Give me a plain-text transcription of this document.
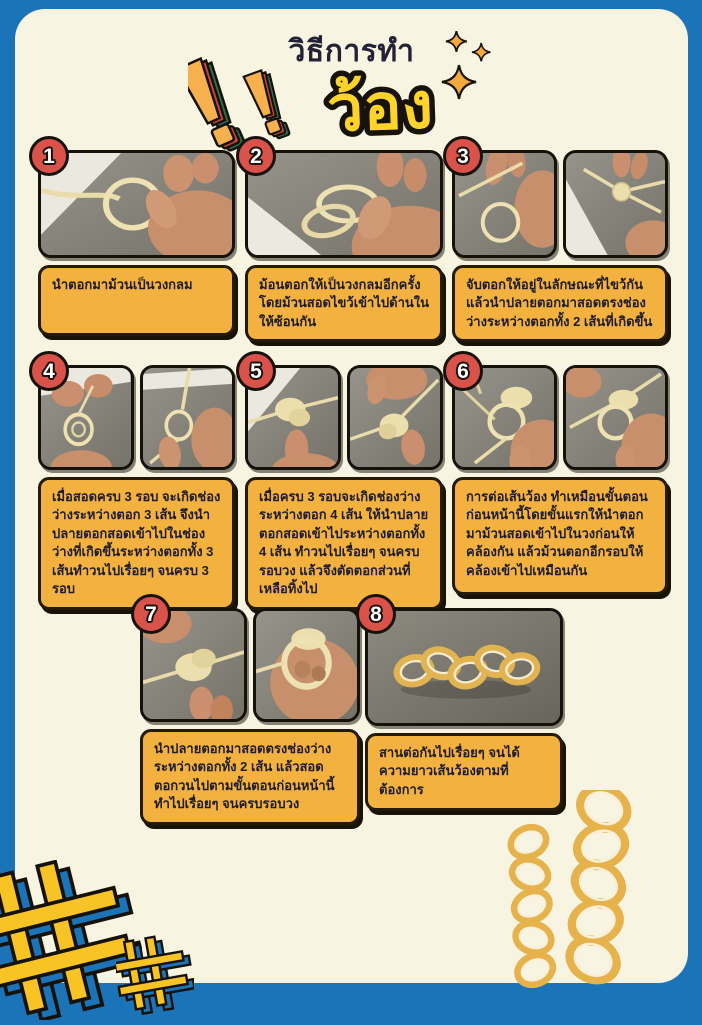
วิธีการทำ
ว้อง
1

นำตอกมาม้วนเป็นวงกลม

2

ม้อนตอกให้เป็นวงกลมอีกครั้งโดยม้วนสอดไขว้เข้าไปด้านในให้ซ้อนกัน

3

จับตอกให้อยู่ในลักษณะที่ไขว้กันแล้วนำปลายตอกมาสอดตรงช่องว่างระหว่างตอกทั้ง 2 เส้นที่เกิดขึ้น

4

เมื่อสอดครบ 3 รอบ จะเกิดช่องว่างระหว่างตอก 3 เส้น จึงนำปลายตอกสอดเข้าไปในช่องว่างที่เกิดขึ้นระหว่างตอกทั้ง 3 เส้นทำวนไปเรื่อยๆ จนครบ 3 รอบ

5

เมื่อครบ 3 รอบจะเกิดช่องว่างระหว่างตอก 4 เส้น ให้นำปลายตอกสอดเข้าไประหว่างตอกทั้ง 4 เส้น ทำวนไปเรื่อยๆ จนครบรอบวง แล้วจึงตัดตอกส่วนที่เหลือทิ้งไป

6

การต่อเส้นว้อง ทำเหมือนขั้นตอนก่อนหน้านี้โดยขั้นแรกให้นำตอกมาม้วนสอดเข้าไปในวงก่อนให้คล้องกัน แล้วม้วนตอกอีกรอบให้คล้องเข้าไปเหมือนกัน

7

นำปลายตอกมาสอดตรงช่องว่างระหว่างตอกทั้ง 2 เส้น แล้วสอดตอกวนไปตามขั้นตอนก่อนหน้านี้ทำไปเรื่อยๆ จนครบรอบวง

8

สานต่อกันไปเรื่อยๆ จนได้ความยาวเส้นว้องตามที่ต้องการ
